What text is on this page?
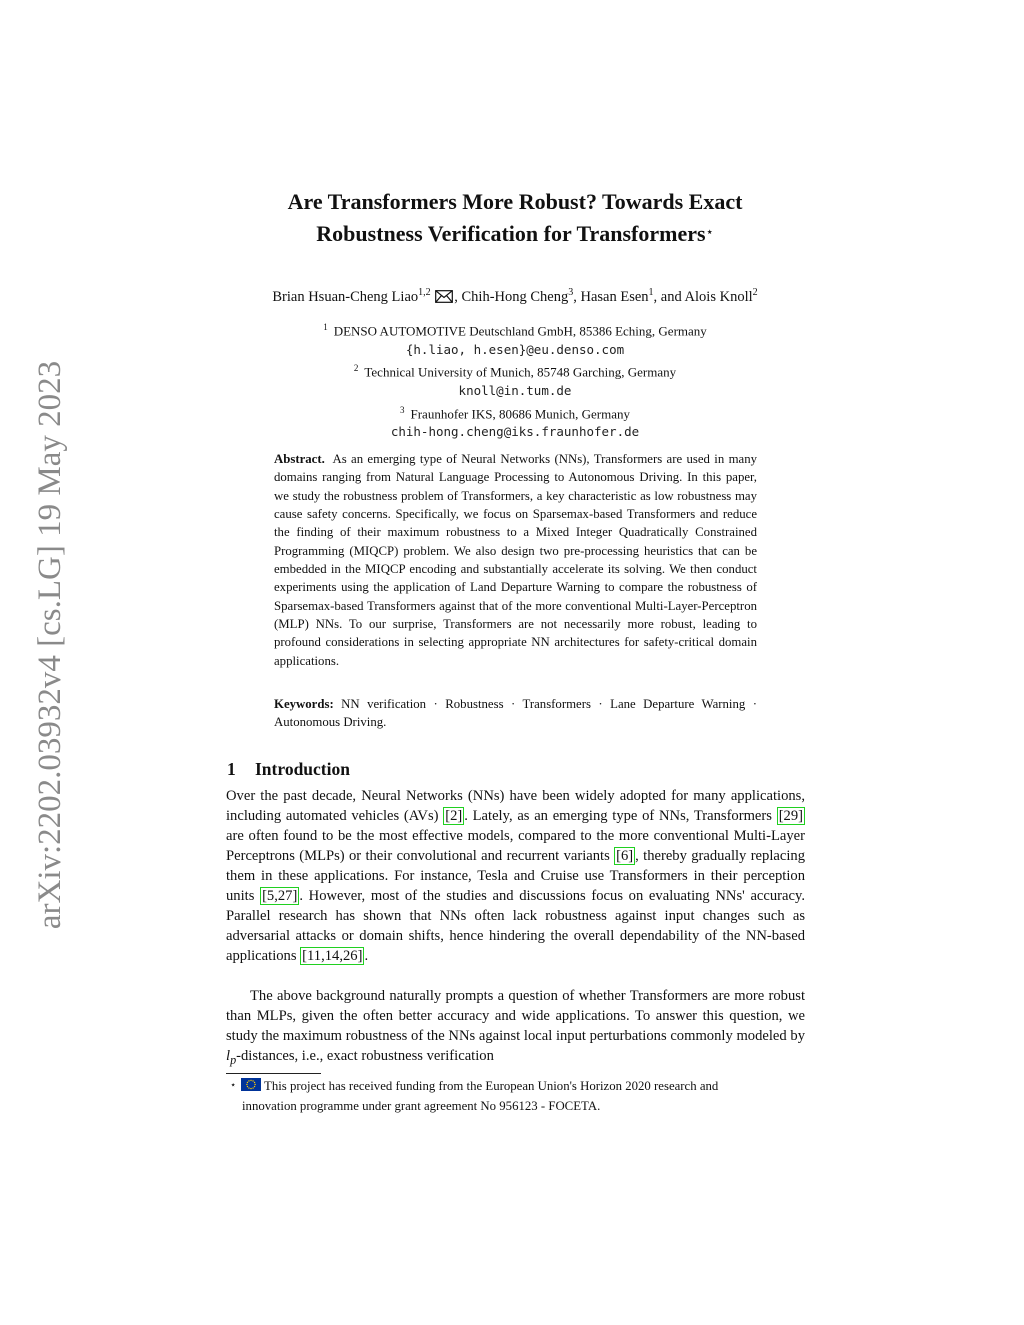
arXiv:2202.03932v4 [cs.LG] 19 May 2023
Are Transformers More Robust? Towards Exact
Robustness Verification for Transformers⋆
Brian Hsuan-Cheng Liao$^{1,2}$ , Chih-Hong Cheng$^3$, Hasan Esen$^1$, and Alois Knoll$^2$
$^1$ DENSO AUTOMOTIVE Deutschland GmbH, 85386 Eching, Germany
{h.liao, h.esen}@eu.denso.com
$^2$ Technical University of Munich, 85748 Garching, Germany
knoll@in.tum.de
$^3$ Fraunhofer IKS, 80686 Munich, Germany
chih-hong.cheng@iks.fraunhofer.de
Abstract. As an emerging type of Neural Networks (NNs), Transformers are used in many domains ranging from Natural Language Processing to Autonomous Driving. In this paper, we study the robustness problem of Transformers, a key characteristic as low robustness may cause safety concerns. Specifically, we focus on Sparsemax-based Transformers and reduce the finding of their maximum robustness to a Mixed Integer Quadratically Constrained Programming (MIQCP) problem. We also design two pre-processing heuristics that can be embedded in the MIQCP encoding and substantially accelerate its solving. We then conduct experiments using the application of Land Departure Warning to compare the robustness of Sparsemax-based Transformers against that of the more conventional Multi-Layer-Perceptron (MLP) NNs. To our surprise, Transformers are not necessarily more robust, leading to profound considerations in selecting appropriate NN architectures for safety-critical domain applications.
Keywords: NN verification · Robustness · Transformers · Lane Departure Warning · Autonomous Driving.
1 Introduction
Over the past decade, Neural Networks (NNs) have been widely adopted for many applications, including automated vehicles (AVs) [2] . Lately, as an emerging type of NNs, Transformers [29] are often found to be the most effective models, compared to the more conventional Multi-Layer Perceptrons (MLPs) or their convolutional and recurrent variants [6] , thereby gradually replacing them in these applications. For instance, Tesla and Cruise use Transformers in their perception units [5,27] . However, most of the studies and discussions focus on evaluating NNs' accuracy. Parallel research has shown that NNs often lack robustness against input changes such as adversarial attacks or domain shifts, hence hindering the overall dependability of the NN-based applications [11,14,26] .
The above background naturally prompts a question of whether Transformers are more robust than MLPs, given the often better accuracy and wide applications. To answer this question, we study the maximum robustness of the NNs against local input perturbations commonly modeled by $l_p$-distances, i.e., exact robustness verification
⋆ This project has received funding from the European Union's Horizon 2020 research and
innovation programme under grant agreement No 956123 - FOCETA.
